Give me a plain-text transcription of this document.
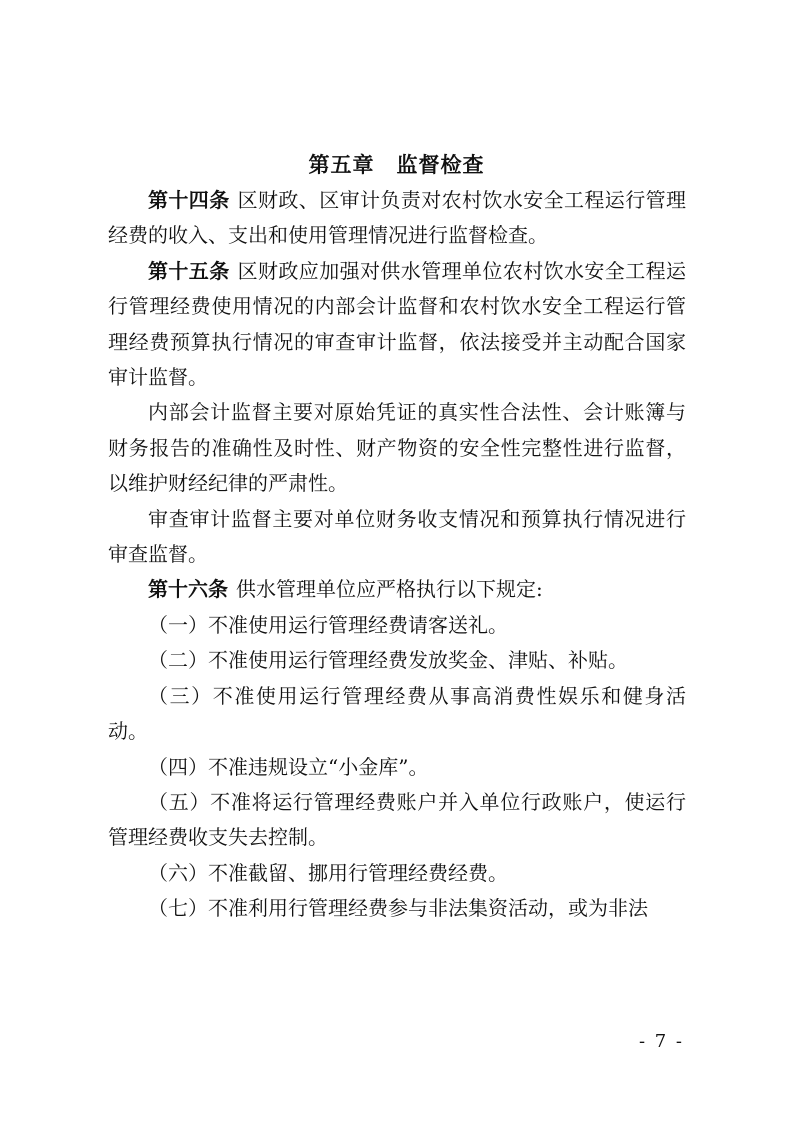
第五章　监督检查

第十四条 区财政、区审计负责对农村饮水安全工程运行管理经费的收入、支出和使用管理情况进行监督检查。

第十五条 区财政应加强对供水管理单位农村饮水安全工程运行管理经费使用情况的内部会计监督和农村饮水安全工程运行管理经费预算执行情况的审查审计监督，依法接受并主动配合国家审计监督。

内部会计监督主要对原始凭证的真实性合法性、会计账簿与财务报告的准确性及时性、财产物资的安全性完整性进行监督，以维护财经纪律的严肃性。

审查审计监督主要对单位财务收支情况和预算执行情况进行审查监督。

第十六条 供水管理单位应严格执行以下规定:

（一）不准使用运行管理经费请客送礼。

（二）不准使用运行管理经费发放奖金、津贴、补贴。

（三）不准使用运行管理经费从事高消费性娱乐和健身活动。

（四）不准违规设立“小金库”。

（五）不准将运行管理经费账户并入单位行政账户，使运行管理经费收支失去控制。

（六）不准截留、挪用行管理经费经费。

（七）不准利用行管理经费参与非法集资活动，或为非法

- 7 -
